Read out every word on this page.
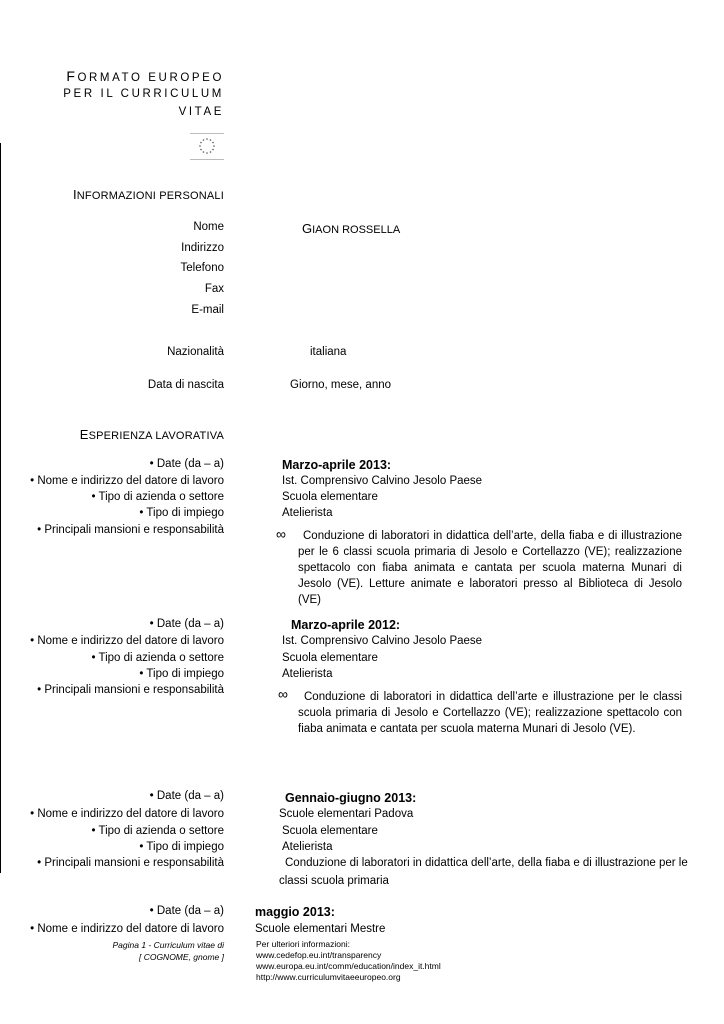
FORMATO EUROPEO
PER IL CURRICULUM
VITAE
INFORMAZIONI PERSONALI
Nome	GIAON ROSSELLA
Indirizzo
Telefono
Fax
E-mail
Nazionalità	italiana
Data di nascita	Giorno, mese, anno
ESPERIENZA LAVORATIVA
• Date (da – a)	Marzo-aprile 2013:
• Nome e indirizzo del datore di lavoro	Ist. Comprensivo Calvino Jesolo Paese
• Tipo di azienda o settore	Scuola elementare
• Tipo di impiego	Atelierista
• Principali mansioni e responsabilità	∞	Conduzione di laboratori in didattica dell’arte, della fiaba e di illustrazione per le 6 classi scuola primaria di Jesolo e Cortellazzo (VE); realizzazione spettacolo con fiaba animata e cantata per scuola materna Munari di Jesolo (VE). Letture animate e laboratori presso al Biblioteca di Jesolo (VE)
• Date (da – a)	Marzo-aprile 2012:
• Nome e indirizzo del datore di lavoro	Ist. Comprensivo Calvino Jesolo Paese
• Tipo di azienda o settore	Scuola elementare
• Tipo di impiego	Atelierista
• Principali mansioni e responsabilità	∞	Conduzione di laboratori in didattica dell’arte e illustrazione per le classi scuola primaria di Jesolo e Cortellazzo (VE); realizzazione spettacolo con fiaba animata e cantata per scuola materna Munari di Jesolo (VE).
• Date (da – a)	Gennaio-giugno 2013:
• Nome e indirizzo del datore di lavoro	Scuole elementari Padova
• Tipo di azienda o settore	Scuola elementare
• Tipo di impiego	Atelierista
• Principali mansioni e responsabilità	Conduzione di laboratori in didattica dell’arte, della fiaba e di illustrazione per le
classi scuola primaria
• Date (da – a) maggio 2013:
• Nome e indirizzo del datore di lavoro	Scuole elementari Mestre
Pagina 1 - Curriculum vitae di
[ COGNOME, gnome ]
Per ulteriori informazioni:
www.cedefop.eu.int/transparency
www.europa.eu.int/comm/education/index_it.html
http://www.curriculumvitaeeuropeo.org
